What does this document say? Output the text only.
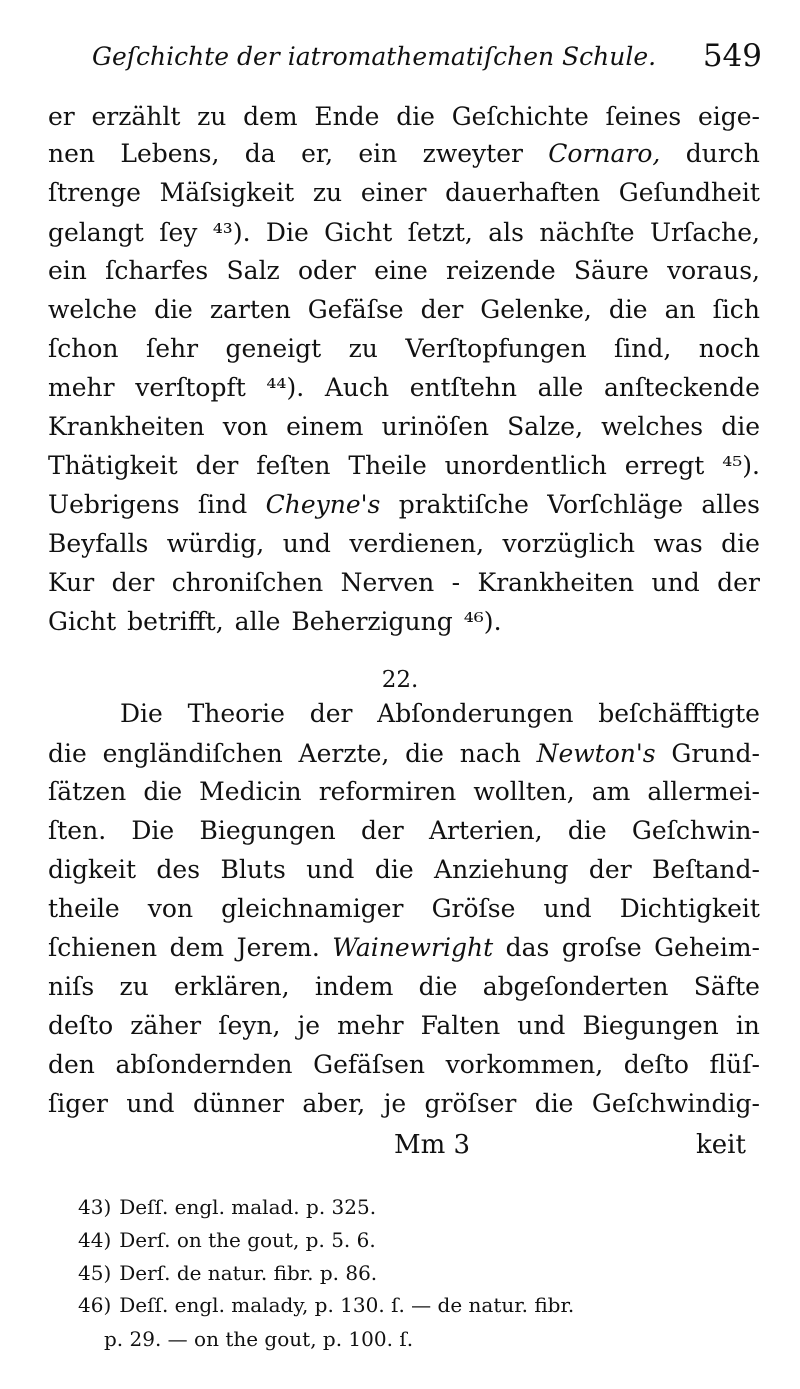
Geſchichte der iatromathematiſchen Schule. 549
er erzählt zu dem Ende die Geſchichte ſeines eige-
nen Lebens, da er, ein zweyter Cornaro, durch
ſtrenge Mäſsigkeit zu einer dauerhaften Geſundheit
gelangt ſey ⁴³). Die Gicht ſetzt, als nächſte Urſache,
ein ſcharfes Salz oder eine reizende Säure voraus,
welche die zarten Gefäſse der Gelenke, die an ſich
ſchon ſehr geneigt zu Verſtopfungen ſind, noch
mehr verſtopft ⁴⁴). Auch entſtehn alle anſteckende
Krankheiten von einem urinöſen Salze, welches die
Thätigkeit der feſten Theile unordentlich erregt ⁴⁵).
Uebrigens ſind Cheyne's praktiſche Vorſchläge alles
Beyfalls würdig, und verdienen, vorzüglich was die
Kur der chroniſchen Nerven - Krankheiten und der
Gicht betrifft, alle Beherzigung ⁴⁶).
Die Theorie der Abſonderungen beſchäfftigte
die engländiſchen Aerzte, die nach Newton's Grund-
ſätzen die Medicin reformiren wollten, am allermei-
ſten. Die Biegungen der Arterien, die Geſchwin-
digkeit des Bluts und die Anziehung der Beſtand-
theile von gleichnamiger Gröſse und Dichtigkeit
ſchienen dem Jerem. Wainewright das groſse Geheim-
niſs zu erklären, indem die abgeſonderten Säfte
deſto zäher ſeyn, je mehr Falten und Biegungen in
den abſondernden Gefäſsen vorkommen, deſto flüſ-
ſiger und dünner aber, je gröſser die Geſchwindig-
22.
Mm 3	keit
43) Deſſ. engl. malad. p. 325.
44) Derſ. on the gout, p. 5. 6.
45) Derſ. de natur. fibr. p. 86.
46) Deſſ. engl. malady, p. 130. ſ. — de natur. fibr.
p. 29. — on the gout, p. 100. ſ.
